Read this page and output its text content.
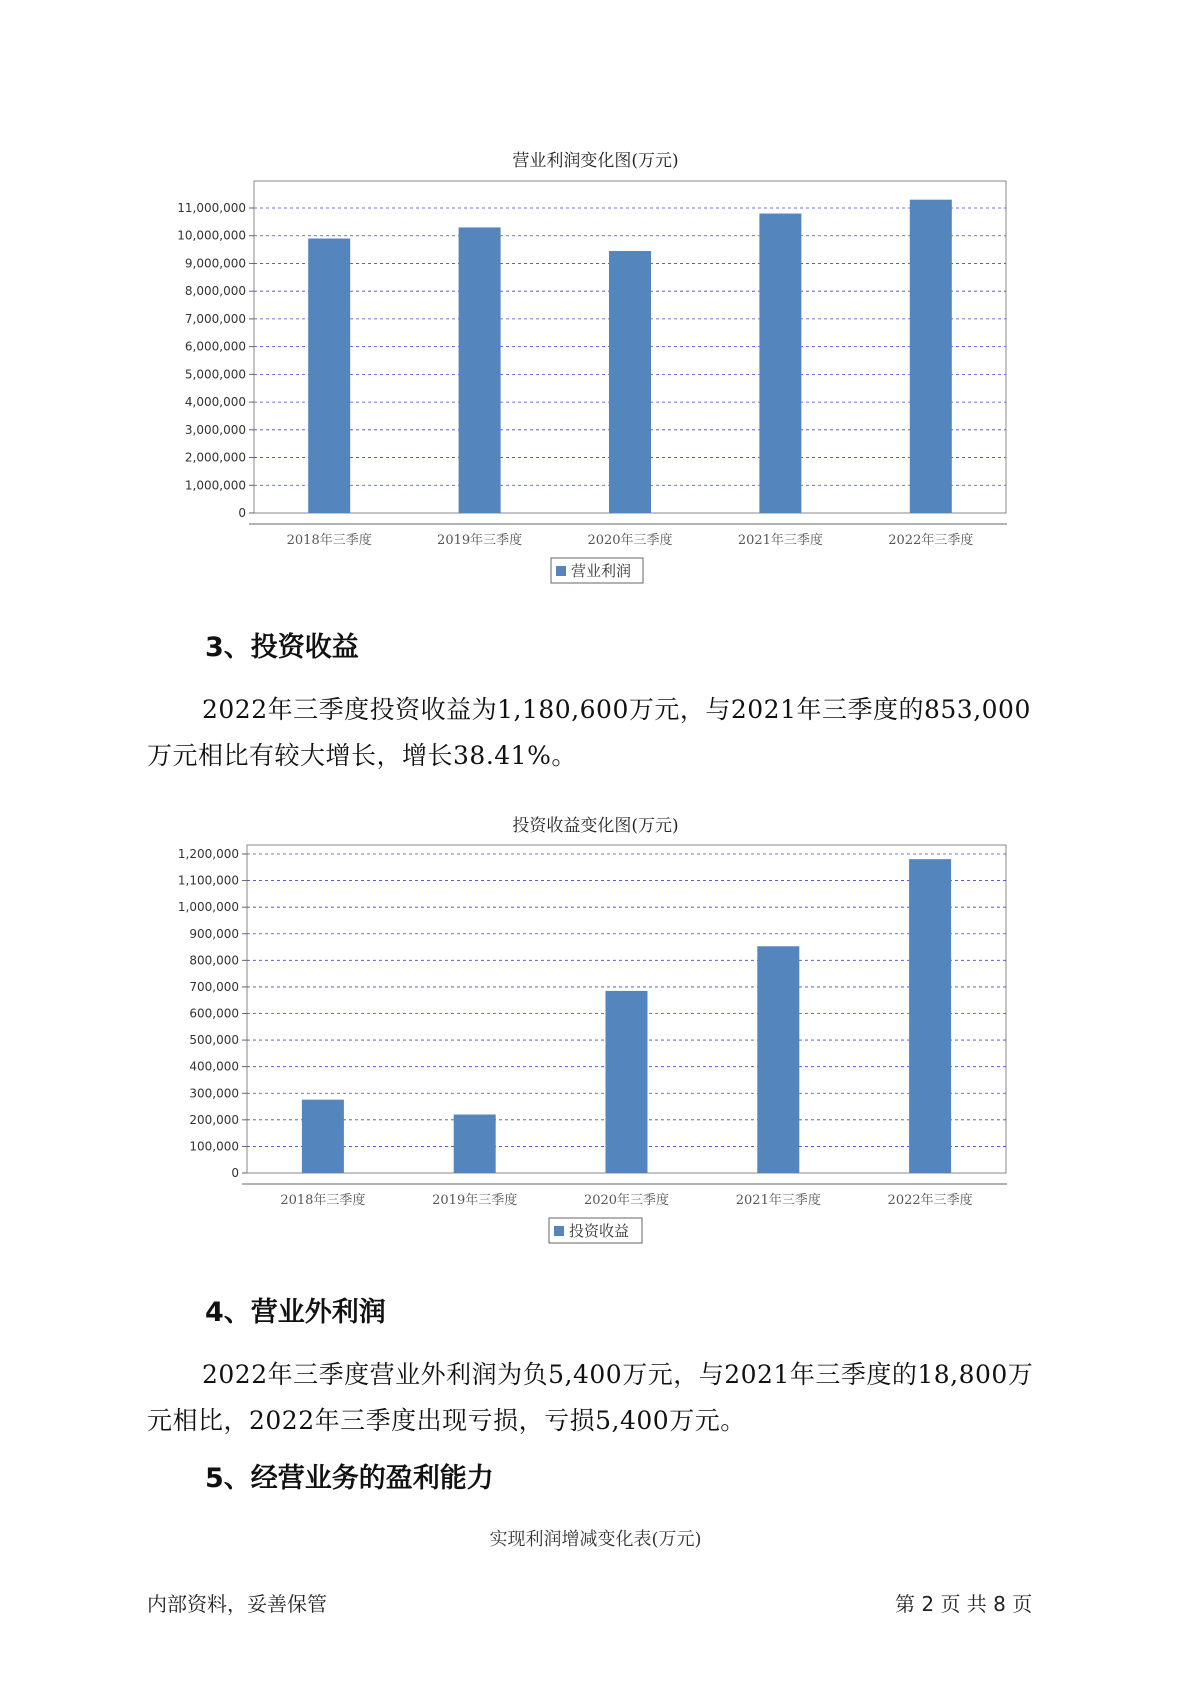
营业利润变化图(万元)
0
1,000,000
2,000,000
3,000,000
4,000,000
5,000,000
6,000,000
7,000,000
8,000,000
9,000,000
10,000,000
11,000,000
2018年三季度	2019年三季度	2020年三季度	2021年三季度	2022年三季度
营业利润
3、投资收益
2022年三季度投资收益为1,180,600万元，与2021年三季度的853,000
万元相比有较大增长，增长38.41%。
投资收益变化图(万元)
0
100,000
200,000
300,000
400,000
500,000
600,000
700,000
800,000
900,000
1,000,000
1,100,000
1,200,000
2018年三季度	2019年三季度	2020年三季度	2021年三季度	2022年三季度
投资收益
4、营业外利润
2022年三季度营业外利润为负5,400万元，与2021年三季度的18,800万
元相比，2022年三季度出现亏损，亏损5,400万元。
5、经营业务的盈利能力
实现利润增减变化表(万元)
内部资料，妥善保管	第 2 页 共 8 页
